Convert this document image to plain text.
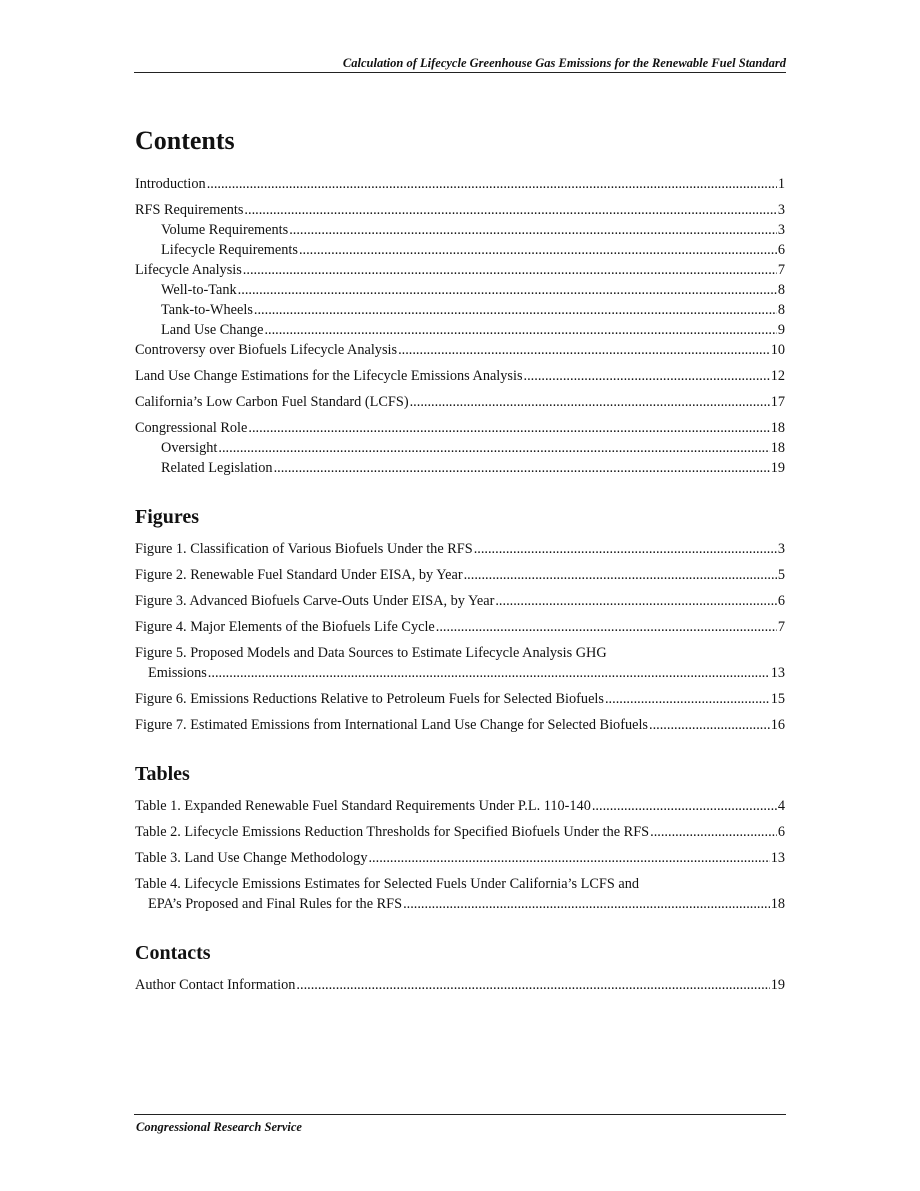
Calculation of Lifecycle Greenhouse Gas Emissions for the Renewable Fuel Standard
Contents
Introduction .....	1
RFS Requirements .....	3
Volume Requirements .....	3
Lifecycle Requirements .....	6
Lifecycle Analysis .....	7
Well-to-Tank .....	8
Tank-to-Wheels .....	8
Land Use Change .....	9
Controversy over Biofuels Lifecycle Analysis .....	10
Land Use Change Estimations for the Lifecycle Emissions Analysis .....	12
California’s Low Carbon Fuel Standard (LCFS) .....	17
Congressional Role .....	18
Oversight .....	18
Related Legislation .....	19
Figures
Figure 1. Classification of Various Biofuels Under the RFS .....	3
Figure 2. Renewable Fuel Standard Under EISA, by Year .....	5
Figure 3. Advanced Biofuels Carve-Outs Under EISA, by Year .....	6
Figure 4. Major Elements of the Biofuels Life Cycle .....	7
Figure 5. Proposed Models and Data Sources to Estimate Lifecycle Analysis GHG
Emissions .....	13
Figure 6. Emissions Reductions Relative to Petroleum Fuels for Selected Biofuels .....	15
Figure 7. Estimated Emissions from International Land Use Change for Selected Biofuels .....	16
Tables
Table 1. Expanded Renewable Fuel Standard Requirements Under P.L. 110-140 .....	4
Table 2. Lifecycle Emissions Reduction Thresholds for Specified Biofuels Under the RFS .....	6
Table 3. Land Use Change Methodology .....	13
Table 4. Lifecycle Emissions Estimates for Selected Fuels Under California’s LCFS and
EPA’s Proposed and Final Rules for the RFS .....	18
Contacts
Author Contact Information .....	19
Congressional Research Service
